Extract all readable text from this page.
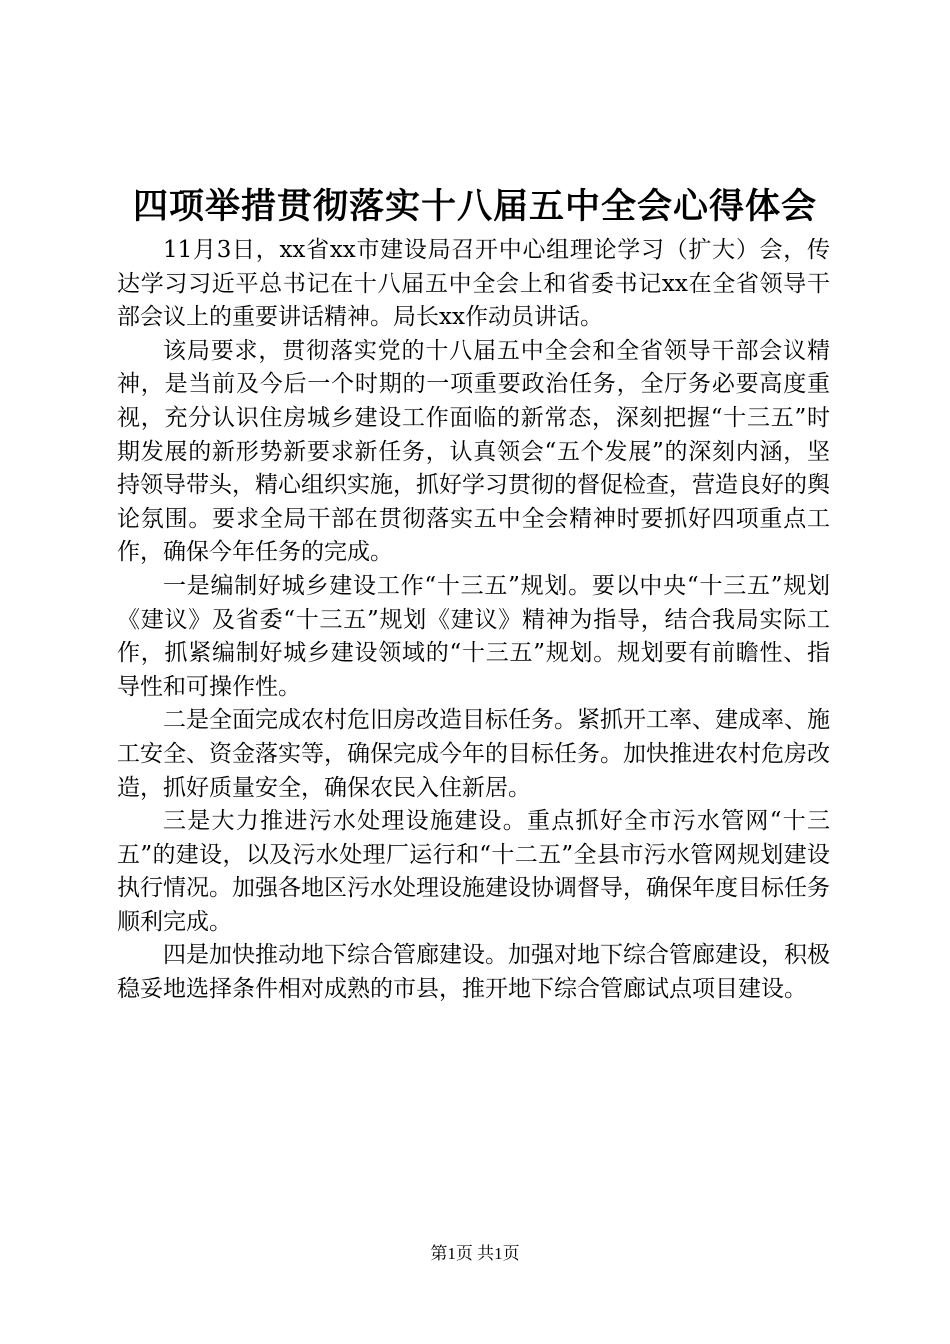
四项举措贯彻落实十八届五中全会心得体会

11月3日，xx省xx市建设局召开中心组理论学习（扩大）会，传达学习习近平总书记在十八届五中全会上和省委书记xx在全省领导干部会议上的重要讲话精神。局长xx作动员讲话。

该局要求，贯彻落实党的十八届五中全会和全省领导干部会议精神，是当前及今后一个时期的一项重要政治任务，全厅务必要高度重视，充分认识住房城乡建设工作面临的新常态，深刻把握“十三五”时期发展的新形势新要求新任务，认真领会“五个发展”的深刻内涵，坚持领导带头，精心组织实施，抓好学习贯彻的督促检查，营造良好的舆论氛围。要求全局干部在贯彻落实五中全会精神时要抓好四项重点工作，确保今年任务的完成。

一是编制好城乡建设工作“十三五”规划。要以中央“十三五”规划《建议》及省委“十三五”规划《建议》精神为指导，结合我局实际工作，抓紧编制好城乡建设领域的“十三五”规划。规划要有前瞻性、指导性和可操作性。

二是全面完成农村危旧房改造目标任务。紧抓开工率、建成率、施工安全、资金落实等，确保完成今年的目标任务。加快推进农村危房改造，抓好质量安全，确保农民入住新居。

三是大力推进污水处理设施建设。重点抓好全市污水管网“十三五”的建设，以及污水处理厂运行和“十二五”全县市污水管网规划建设执行情况。加强各地区污水处理设施建设协调督导，确保年度目标任务顺利完成。

四是加快推动地下综合管廊建设。加强对地下综合管廊建设，积极稳妥地选择条件相对成熟的市县，推开地下综合管廊试点项目建设。

第1页 共1页
